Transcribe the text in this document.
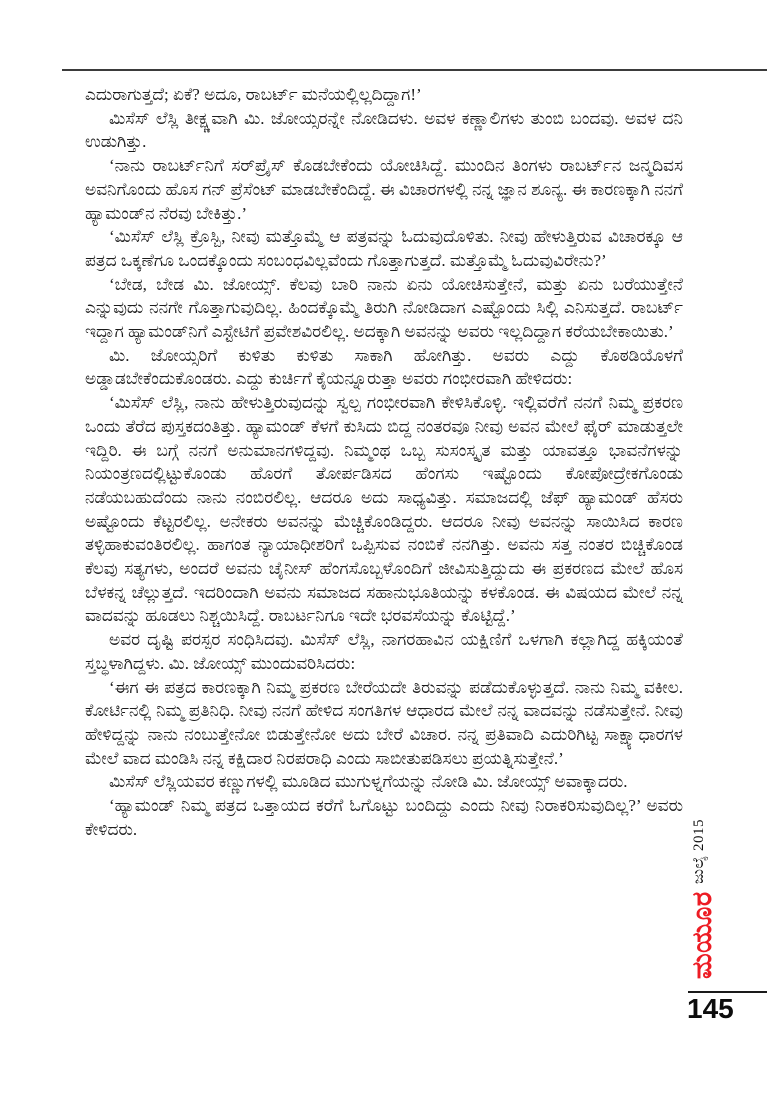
ಎದುರಾಗುತ್ತದೆ; ಏಕೆ? ಅದೂ, ರಾಬರ್ಟ್ ಮನೆಯಲ್ಲಿಲ್ಲದಿದ್ದಾಗ!’

ಮಿಸೆಸ್ ಲೆಸ್ಲಿ ತೀಕ್ಷ್ಣವಾಗಿ ಮಿ. ಜೋಯ್ಸರನ್ನೇ ನೋಡಿದಳು. ಅವಳ ಕಣ್ಣಾಲಿಗಳು ತುಂಬಿ ಬಂದವು. ಅವಳ ದನಿ ಉಡುಗಿತ್ತು.

‘ನಾನು ರಾಬರ್ಟ್‌ನಿಗೆ ಸರ್‌ಪ್ರೈಸ್ ಕೊಡಬೇಕೆಂದು ಯೋಚಿಸಿದ್ದೆ. ಮುಂದಿನ ತಿಂಗಳು ರಾಬರ್ಟ್‌ನ ಜನ್ಮದಿವಸ ಅವನಿಗೊಂದು ಹೊಸ ಗನ್ ಪ್ರೆಸೆಂಟ್ ಮಾಡಬೇಕೆಂದಿದ್ದೆ. ಈ ವಿಚಾರಗಳಲ್ಲಿ ನನ್ನ ಜ್ಞಾನ ಶೂನ್ಯ. ಈ ಕಾರಣಕ್ಕಾಗಿ ನನಗೆ ಹ್ಯಾಮಂಡ್‌ನ ನೆರವು ಬೇಕಿತ್ತು.’

‘ಮಿಸೆಸ್ ಲೆಸ್ಲಿ ಕ್ರೊಸ್ಬಿ, ನೀವು ಮತ್ತೊಮ್ಮೆ ಆ ಪತ್ರವನ್ನು ಓದುವುದೊಳಿತು. ನೀವು ಹೇಳುತ್ತಿರುವ ವಿಚಾರಕ್ಕೂ ಆ ಪತ್ರದ ಒಕ್ಕಣೆಗೂ ಒಂದಕ್ಕೊಂದು ಸಂಬಂಧವಿಲ್ಲವೆಂದು ಗೊತ್ತಾಗುತ್ತದೆ. ಮತ್ತೊಮ್ಮೆ ಓದುವುವಿರೇನು?’

‘ಬೇಡ, ಬೇಡ ಮಿ. ಜೋಯ್ಸ್. ಕೆಲವು ಬಾರಿ ನಾನು ಏನು ಯೋಚಿಸುತ್ತೇನೆ, ಮತ್ತು ಏನು ಬರೆಯುತ್ತೇನೆ ಎನ್ನುವುದು ನನಗೇ ಗೊತ್ತಾಗುವುದಿಲ್ಲ. ಹಿಂದಕ್ಕೊಮ್ಮೆ ತಿರುಗಿ ನೋಡಿದಾಗ ಎಷ್ಟೊಂದು ಸಿಲ್ಲಿ ಎನಿಸುತ್ತದೆ. ರಾಬರ್ಟ್ ಇದ್ದಾಗ ಹ್ಯಾಮಂಡ್‌ನಿಗೆ ಎಸ್ಟೇಟಿಗೆ ಪ್ರವೇಶವಿರಲಿಲ್ಲ. ಅದಕ್ಕಾಗಿ ಅವನನ್ನು ಅವರು ಇಲ್ಲದಿದ್ದಾಗ ಕರೆಯಬೇಕಾಯಿತು.’

ಮಿ. ಜೋಯ್ಸರಿಗೆ ಕುಳಿತು ಕುಳಿತು ಸಾಕಾಗಿ ಹೋಗಿತ್ತು. ಅವರು ಎದ್ದು ಕೊಠಡಿಯೊಳಗೆ ಅಡ್ಡಾಡಬೇಕೆಂದುಕೊಂಡರು. ಎದ್ದು ಕುರ್ಚಿಗೆ ಕೈಯನ್ನೂರುತ್ತಾ ಅವರು ಗಂಭೀರವಾಗಿ ಹೇಳಿದರು:

‘ಮಿಸೆಸ್ ಲೆಸ್ಲಿ, ನಾನು ಹೇಳುತ್ತಿರುವುದನ್ನು ಸ್ವಲ್ಪ ಗಂಭೀರವಾಗಿ ಕೇಳಿಸಿಕೊಳ್ಳಿ. ಇಲ್ಲಿವರೆಗೆ ನನಗೆ ನಿಮ್ಮ ಪ್ರಕರಣ ಒಂದು ತೆರೆದ ಪುಸ್ತಕದಂತಿತ್ತು. ಹ್ಯಾಮಂಡ್ ಕೆಳಗೆ ಕುಸಿದು ಬಿದ್ದ ನಂತರವೂ ನೀವು ಅವನ ಮೇಲೆ ಫೈರ್ ಮಾಡುತ್ತಲೇ ಇದ್ದಿರಿ. ಈ ಬಗ್ಗೆ ನನಗೆ ಅನುಮಾನಗಳಿದ್ದವು. ನಿಮ್ಮಂಥ ಒಬ್ಬ ಸುಸಂಸ್ಕೃತ ಮತ್ತು ಯಾವತ್ತೂ ಭಾವನೆಗಳನ್ನು ನಿಯಂತ್ರಣದಲ್ಲಿಟ್ಟುಕೊಂಡು ಹೊರಗೆ ತೋರ್ಪಡಿಸದ ಹೆಂಗಸು ಇಷ್ಟೊಂದು ಕೋಪೋದ್ರೇಕಗೊಂಡು ನಡೆಯಬಹುದೆಂದು ನಾನು ನಂಬಿರಲಿಲ್ಲ. ಆದರೂ ಅದು ಸಾಧ್ಯವಿತ್ತು. ಸಮಾಜದಲ್ಲಿ ಜೆಫ್ ಹ್ಯಾಮಂಡ್ ಹೆಸರು ಅಷ್ಟೊಂದು ಕೆಟ್ಟರಲಿಲ್ಲ. ಅನೇಕರು ಅವನನ್ನು ಮೆಚ್ಚಿಕೊಂಡಿದ್ದರು. ಆದರೂ ನೀವು ಅವನನ್ನು ಸಾಯಿಸಿದ ಕಾರಣ ತಳ್ಳಿಹಾಕುವಂತಿರಲಿಲ್ಲ. ಹಾಗಂತ ನ್ಯಾಯಾಧೀಶರಿಗೆ ಒಪ್ಪಿಸುವ ನಂಬಿಕೆ ನನಗಿತ್ತು. ಅವನು ಸತ್ತ ನಂತರ ಬಿಚ್ಚಿಕೊಂಡ ಕೆಲವು ಸತ್ಯಗಳು, ಅಂದರೆ ಅವನು ಚೈನೀಸ್ ಹೆಂಗಸೊಬ್ಬಳೊಂದಿಗೆ ಜೀವಿಸುತ್ತಿದ್ದುದು ಈ ಪ್ರಕರಣದ ಮೇಲೆ ಹೊಸ ಬೆಳಕನ್ನ ಚೆಲ್ಲುತ್ತದೆ. ಇದರಿಂದಾಗಿ ಅವನು ಸಮಾಜದ ಸಹಾನುಭೂತಿಯನ್ನು ಕಳಕೊಂಡ. ಈ ವಿಷಯದ ಮೇಲೆ ನನ್ನ ವಾದವನ್ನು ಹೂಡಲು ನಿಶ್ಚಯಿಸಿದ್ದೆ. ರಾಬರ್ಟನಿಗೂ ಇದೇ ಭರವಸೆಯನ್ನು ಕೊಟ್ಟಿದ್ದೆ.’

ಅವರ ದೃಷ್ಟಿ ಪರಸ್ಪರ ಸಂಧಿಸಿದವು. ಮಿಸೆಸ್ ಲೆಸ್ಲಿ, ನಾಗರಹಾವಿನ ಯಕ್ಷಿಣಿಗೆ ಒಳಗಾಗಿ ಕಲ್ಲಾಗಿದ್ದ ಹಕ್ಕಿಯಂತೆ ಸ್ತಬ್ಧಳಾಗಿದ್ದಳು. ಮಿ. ಜೋಯ್ಸ್ ಮುಂದುವರಿಸಿದರು:

‘ಈಗ ಈ ಪತ್ರದ ಕಾರಣಕ್ಕಾಗಿ ನಿಮ್ಮ ಪ್ರಕರಣ ಬೇರೆಯದೇ ತಿರುವನ್ನು ಪಡೆದುಕೊಳ್ಳುತ್ತದೆ. ನಾನು ನಿಮ್ಮ ವಕೀಲ. ಕೋರ್ಟಿನಲ್ಲಿ ನಿಮ್ಮ ಪ್ರತಿನಿಧಿ. ನೀವು ನನಗೆ ಹೇಳಿದ ಸಂಗತಿಗಳ ಆಧಾರದ ಮೇಲೆ ನನ್ನ ವಾದವನ್ನು ನಡೆಸುತ್ತೇನೆ. ನೀವು ಹೇಳಿದ್ದನ್ನು ನಾನು ನಂಬುತ್ತೇನೋ ಬಿಡುತ್ತೇನೋ ಅದು ಬೇರೆ ವಿಚಾರ. ನನ್ನ ಪ್ರತಿವಾದಿ ಎದುರಿಗಿಟ್ಟ ಸಾಕ್ಷ್ಯಾಧಾರಗಳ ಮೇಲೆ ವಾದ ಮಂಡಿಸಿ ನನ್ನ ಕಕ್ಷಿದಾರ ನಿರಪರಾಧಿ ಎಂದು ಸಾಬೀತುಪಡಿಸಲು ಪ್ರಯತ್ನಿಸುತ್ತೇನೆ.’

ಮಿಸೆಸ್ ಲೆಸ್ಲಿಯವರ ಕಣ್ಣುಗಳಲ್ಲಿ ಮೂಡಿದ ಮುಗುಳ್ನಗೆಯನ್ನು ನೋಡಿ ಮಿ. ಜೋಯ್ಸ್ ಅವಾಕ್ಕಾದರು.

‘ಹ್ಯಾಮಂಡ್ ನಿಮ್ಮ ಪತ್ರದ ಒತ್ತಾಯದ ಕರೆಗೆ ಓಗೊಟ್ಟು ಬಂದಿದ್ದು ಎಂದು ನೀವು ನಿರಾಕರಿಸುವುದಿಲ್ಲ?’ ಅವರು ಕೇಳಿದರು.	ಜುಲೈ 2015
ಮಯೂರ
145
